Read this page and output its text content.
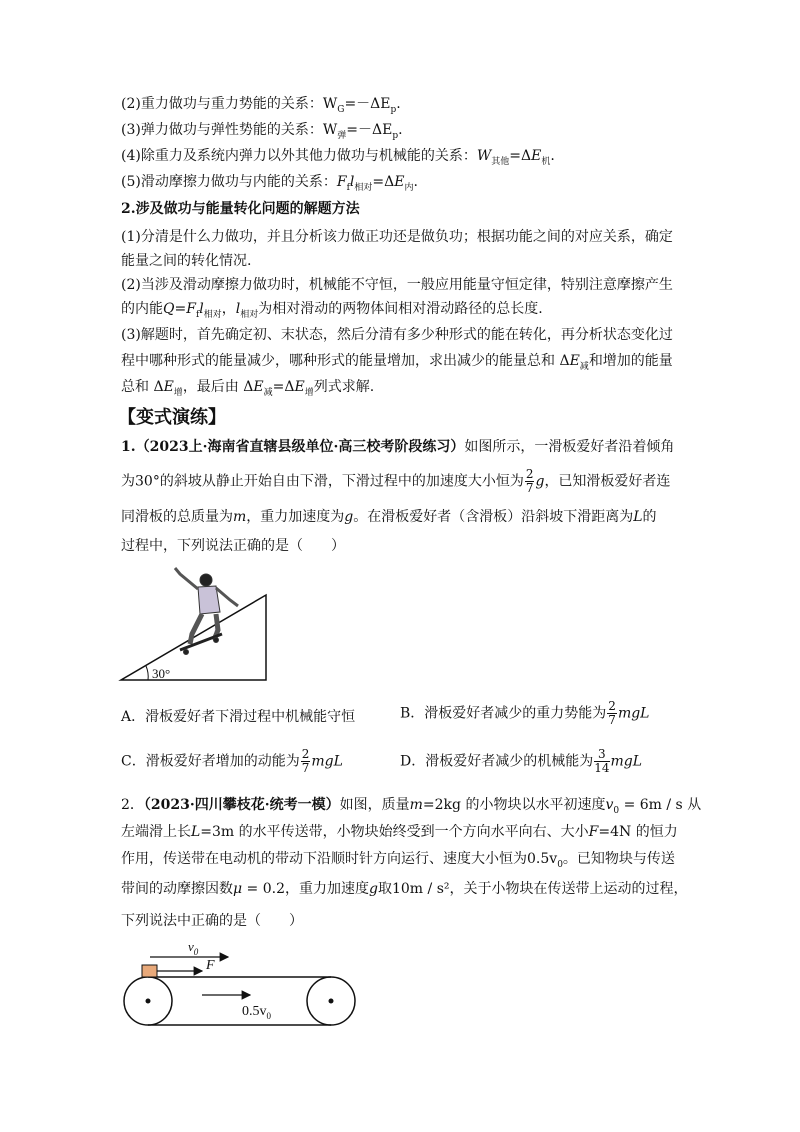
(2)重力做功与重力势能的关系：$W_G=-\Delta E_p$.
(3)弹力做功与弹性势能的关系：$W_弹=-\Delta E_p$.
(4)除重力及系统内弹力以外其他力做功与机械能的关系：$W_{其他}=\Delta E_机$.
(5)滑动摩擦力做功与内能的关系：$F_fl_{相对}=\Delta E_内$.
2.涉及做功与能量转化问题的解题方法
(1)分清是什么力做功，并且分析该力做正功还是做负功；根据功能之间的对应关系，确定
能量之间的转化情况.
(2)当涉及滑动摩擦力做功时，机械能不守恒，一般应用能量守恒定律，特别注意摩擦产生
的内能$Q=F_fl_{相对}$，$l_{相对}$为相对滑动的两物体间相对滑动路径的总长度.
(3)解题时，首先确定初、末状态，然后分清有多少种形式的能在转化，再分析状态变化过
程中哪种形式的能量减少，哪种形式的能量增加，求出减少的能量总和 $\Delta E_减$和增加的能量
总和 $\Delta E_增$，最后由 $\Delta E_减=\Delta E_增$列式求解.
【变式演练】
1.（2023上·海南省直辖县级单位·高三校考阶段练习）如图所示，一滑板爱好者沿着倾角
为30°的斜坡从静止开始自由下滑，下滑过程中的加速度大小恒为 $\frac{2}{7}$ g，已知滑板爱好者连
同滑板的总质量为m，重力加速度为g。在滑板爱好者（含滑板）沿斜坡下滑距离为L的
过程中，下列说法正确的是（　　）
30°
A．滑板爱好者下滑过程中机械能守恒	B．滑板爱好者减少的重力势能为 $\frac{2}{7}$ mgL
C．滑板爱好者增加的动能为 $\frac{2}{7}$ mgL	D．滑板爱好者减少的机械能为 $\frac{3}{14}$ mgL
2．（2023·四川攀枝花·统考一模）如图，质量m=2kg 的小物块以水平初速度$v_0 = 6m / s$ 从
左端滑上长L=3m 的水平传送带，小物块始终受到一个方向水平向右、大小F=4N 的恒力
作用，传送带在电动机的带动下沿顺时针方向运行、速度大小恒为$0.5v_0$。已知物块与传送
带间的动摩擦因数μ = 0.2，重力加速度g取10m / s²，关于小物块在传送带上运动的过程，
下列说法中正确的是（　　）
$v_0$
F
$0.5v_0$
